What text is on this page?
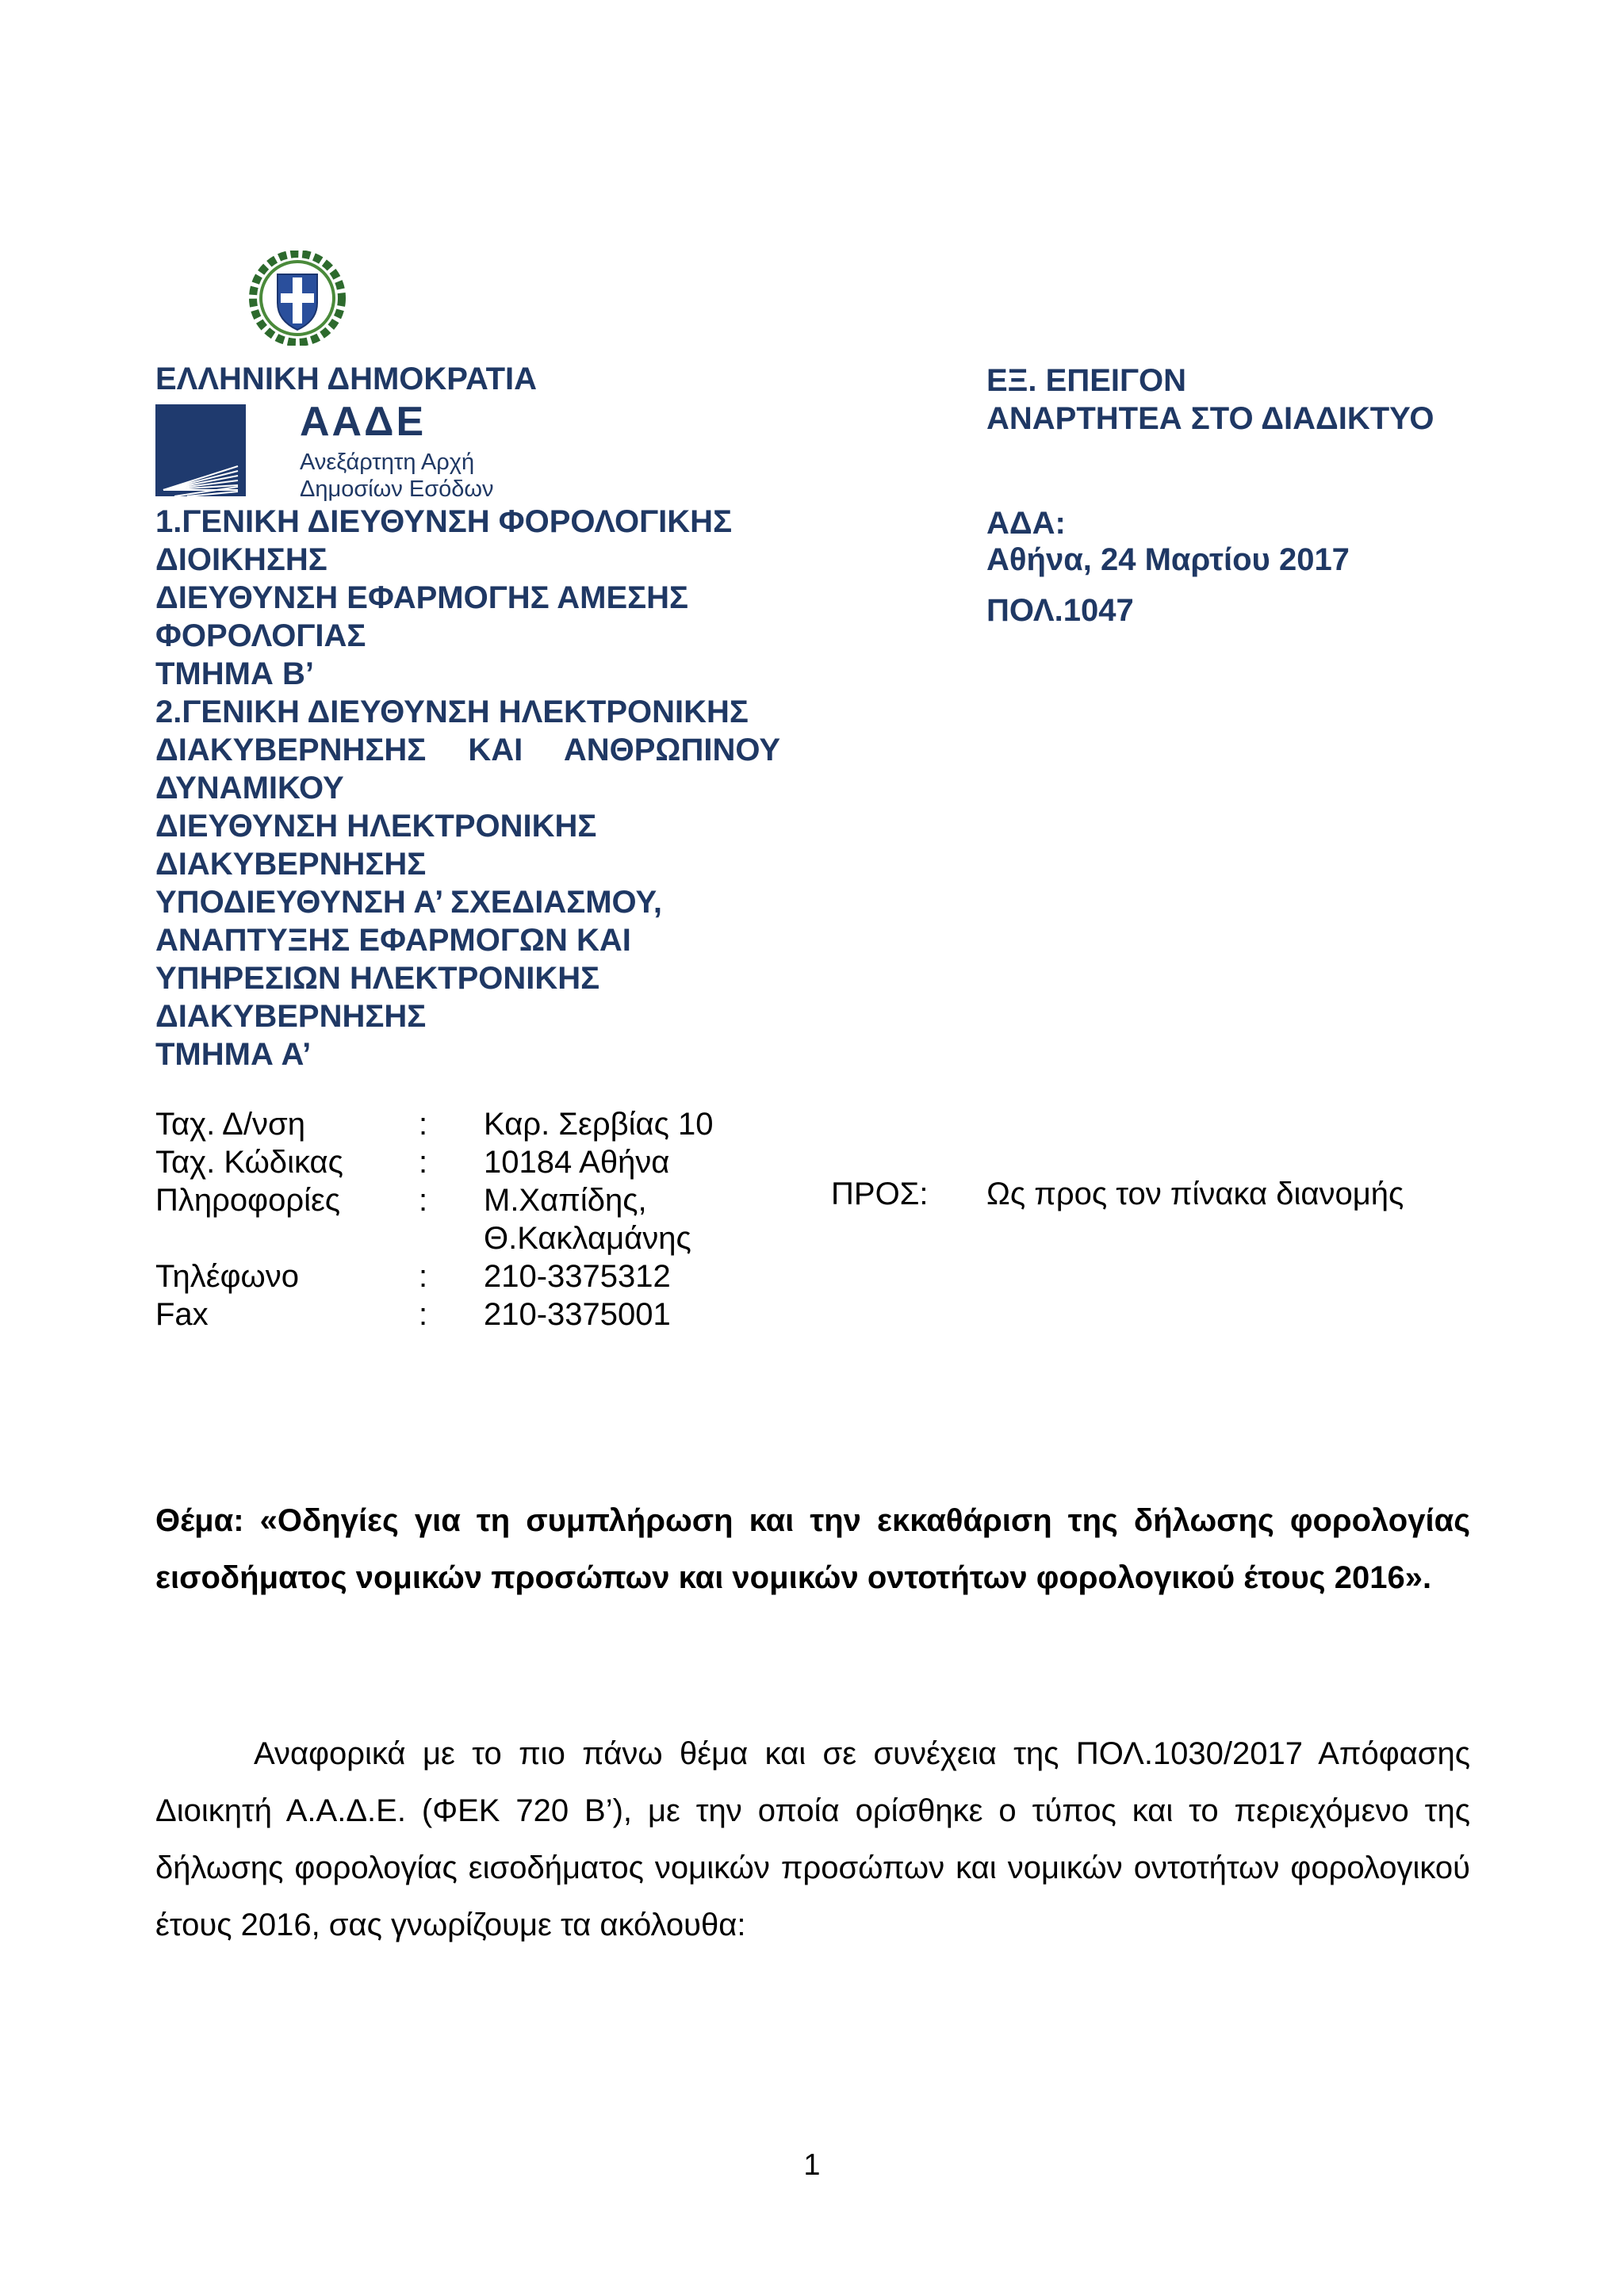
ΕΛΛΗΝΙΚΗ ΔΗΜΟΚΡΑΤΙΑ
ΑΑΔΕ
Ανεξάρτητη Αρχή
Δημοσίων Εσόδων
1.ΓΕΝΙΚΗ ΔΙΕΥΘΥΝΣΗ ΦΟΡΟΛΟΓΙΚΗΣ
ΔΙΟΙΚΗΣΗΣ
ΔΙΕΥΘΥΝΣΗ ΕΦΑΡΜΟΓΗΣ ΑΜΕΣΗΣ
ΦΟΡΟΛΟΓΙΑΣ
ΤΜΗΜΑ Β’
2.ΓΕΝΙΚΗ ΔΙΕΥΘΥΝΣΗ ΗΛΕΚΤΡΟΝΙΚΗΣ
ΔΙΑΚΥΒΕΡΝΗΣΗΣ ΚΑΙ ΑΝΘΡΩΠΙΝΟΥ
ΔΥΝΑΜΙΚΟΥ
ΔΙΕΥΘΥΝΣΗ ΗΛΕΚΤΡΟΝΙΚΗΣ
ΔΙΑΚΥΒΕΡΝΗΣΗΣ
ΥΠΟΔΙΕΥΘΥΝΣΗ Α’ ΣΧΕΔΙΑΣΜΟΥ,
ΑΝΑΠΤΥΞΗΣ ΕΦΑΡΜΟΓΩΝ ΚΑΙ
ΥΠΗΡΕΣΙΩΝ ΗΛΕΚΤΡΟΝΙΚΗΣ
ΔΙΑΚΥΒΕΡΝΗΣΗΣ
ΤΜΗΜΑ Α’
ΕΞ. ΕΠΕΙΓΟΝ
ΑΝΑΡΤΗΤΕΑ ΣΤΟ ΔΙΑΔΙΚΤΥΟ
ΑΔΑ:
Αθήνα, 24 Μαρτίου 2017
ΠΟΛ.1047
Ταχ. Δ/νση	: Καρ. Σερβίας 10
Ταχ. Κώδικας : 10184 Αθήνα
Πληροφορίες : Μ.Χαπίδης,
Θ.Κακλαμάνης
Τηλέφωνο	: 210-3375312
Fax	: 210-3375001
ΠΡΟΣ: Ως προς τον πίνακα διανομής
Θέμα: «Οδηγίες για τη συμπλήρωση και την εκκαθάριση της δήλωσης φορολογίας εισοδήματος νομικών προσώπων και νομικών οντοτήτων φορολογικού έτους 2016».
Αναφορικά με το πιο πάνω θέμα και σε συνέχεια της ΠΟΛ.1030/2017 Απόφασης Διοικητή Α.Α.Δ.Ε. (ΦΕΚ 720 Β’), με την οποία ορίσθηκε ο τύπος και το περιεχόμενο της δήλωσης φορολογίας εισοδήματος νομικών προσώπων και νομικών οντοτήτων φορολογικού έτους 2016, σας γνωρίζουμε τα ακόλουθα:
1
